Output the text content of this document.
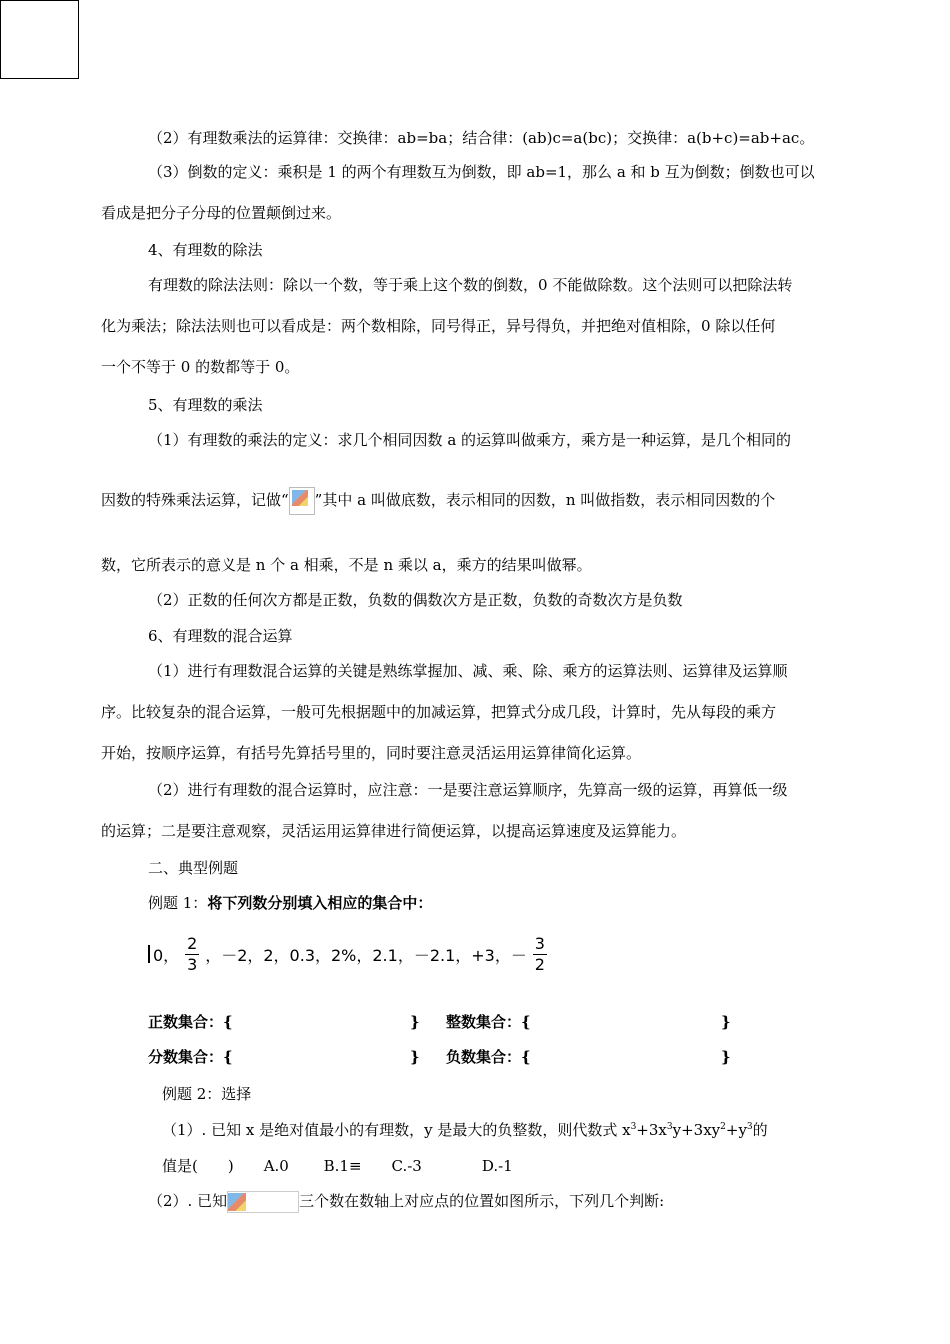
（2）有理数乘法的运算律：交换律：ab=ba；结合律：(ab)c=a(bc)；交换律：a(b+c)=ab+ac。
（3）倒数的定义：乘积是 1 的两个有理数互为倒数，即 ab=1，那么 a 和 b 互为倒数；倒数也可以
看成是把分子分母的位置颠倒过来。
4、有理数的除法
有理数的除法法则：除以一个数，等于乘上这个数的倒数，0 不能做除数。这个法则可以把除法转
化为乘法；除法法则也可以看成是：两个数相除，同号得正，异号得负，并把绝对值相除，0 除以任何
一个不等于 0 的数都等于 0。
5、有理数的乘法
（1）有理数的乘法的定义：求几个相同因数 a 的运算叫做乘方，乘方是一种运算，是几个相同的
因数的特殊乘法运算，记做“ ”其中 a 叫做底数，表示相同的因数，n 叫做指数，表示相同因数的个
数，它所表示的意义是 n 个 a 相乘，不是 n 乘以 a，乘方的结果叫做幂。
（2）正数的任何次方都是正数，负数的偶数次方是正数，负数的奇数次方是负数
6、有理数的混合运算
（1）进行有理数混合运算的关键是熟练掌握加、减、乘、除、乘方的运算法则、运算律及运算顺
序。比较复杂的混合运算，一般可先根据题中的加减运算，把算式分成几段，计算时，先从每段的乘方
开始，按顺序运算，有括号先算括号里的，同时要注意灵活运用运算律简化运算。
（2）进行有理数的混合运算时，应注意：一是要注意运算顺序，先算高一级的运算，再算低一级
的运算；二是要注意观察，灵活运用运算律进行简便运算，以提高运算速度及运算能力。
二、典型例题
例题 1：将下列数分别填入相应的集合中：
0， $\frac{2}{3}$ ，－2，2，0.3，2%，2.1，－2.1，+3，－ $\frac{3}{2}$
正数集合：{	} 整数集合：{	}
分数集合：{	} 负数集合：{	}
例题 2：选择
（1）. 已知 x 是绝对值最小的有理数，y 是最大的负整数，则代数式 $x^3+3x^3y+3xy^2+y^3$的
值是(　　)　　A.0　　 B.1≡　　C.-3　　　　D.-1
（2）. 已知	三个数在数轴上对应点的位置如图所示，下列几个判断:
